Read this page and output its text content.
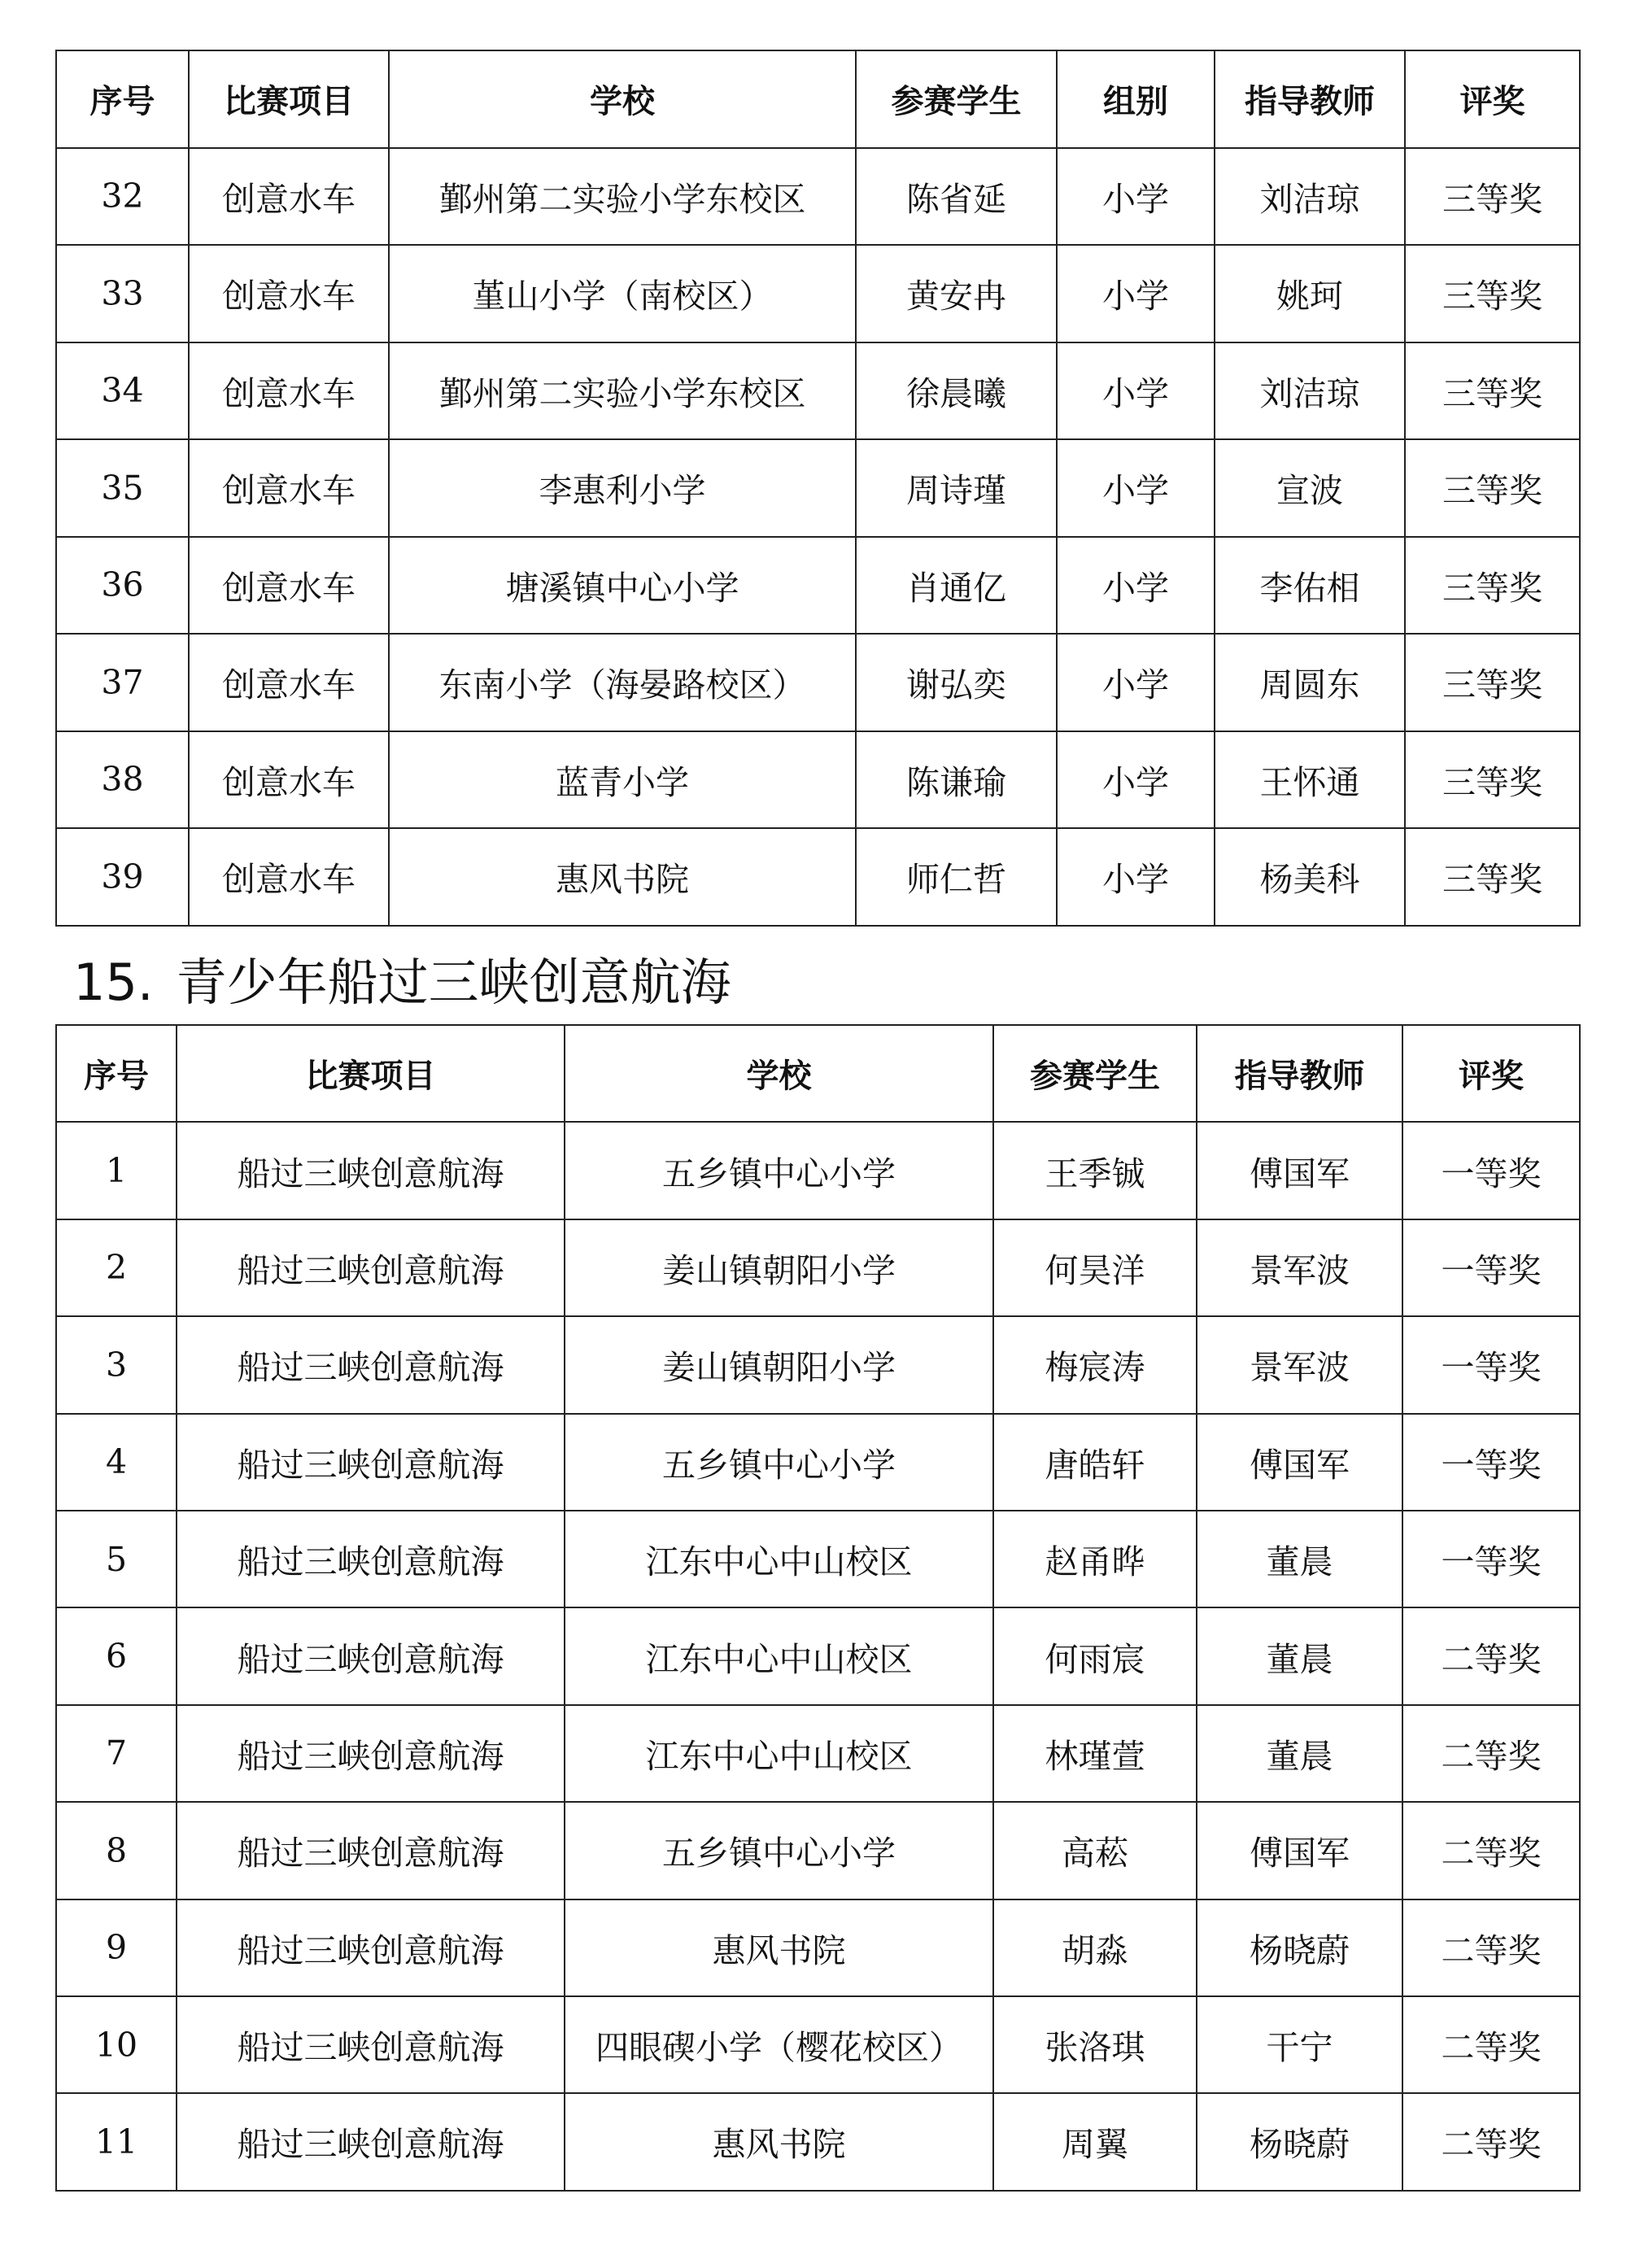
序号	比赛项目	学校	参赛学生	组别	指导教师	评奖
32	创意水车	鄞州第二实验小学东校区	陈省延	小学	刘洁琼	三等奖
33	创意水车	堇山小学（南校区）	黄安冉	小学	姚珂	三等奖
34	创意水车	鄞州第二实验小学东校区	徐晨曦	小学	刘洁琼	三等奖
35	创意水车	李惠利小学	周诗瑾	小学	宣波	三等奖
36	创意水车	塘溪镇中心小学	肖通亿	小学	李佑相	三等奖
37	创意水车	东南小学（海晏路校区）	谢弘奕	小学	周圆东	三等奖
38	创意水车	蓝青小学	陈谦瑜	小学	王怀通	三等奖
39	创意水车	惠风书院	师仁哲	小学	杨美科	三等奖
15. 青少年船过三峡创意航海
序号	比赛项目	学校	参赛学生	指导教师	评奖
1	船过三峡创意航海	五乡镇中心小学	王季铖	傅国军	一等奖
2	船过三峡创意航海	姜山镇朝阳小学	何昊洋	景军波	一等奖
3	船过三峡创意航海	姜山镇朝阳小学	梅宸涛	景军波	一等奖
4	船过三峡创意航海	五乡镇中心小学	唐皓轩	傅国军	一等奖
5	船过三峡创意航海	江东中心中山校区	赵甬晔	董晨	一等奖
6	船过三峡创意航海	江东中心中山校区	何雨宸	董晨	二等奖
7	船过三峡创意航海	江东中心中山校区	林瑾萱	董晨	二等奖
8	船过三峡创意航海	五乡镇中心小学	高菘	傅国军	二等奖
9	船过三峡创意航海	惠风书院	胡淼	杨晓蔚	二等奖
10	船过三峡创意航海	四眼碶小学（樱花校区）	张洛琪	干宁	二等奖
11	船过三峡创意航海	惠风书院	周翼	杨晓蔚	二等奖
